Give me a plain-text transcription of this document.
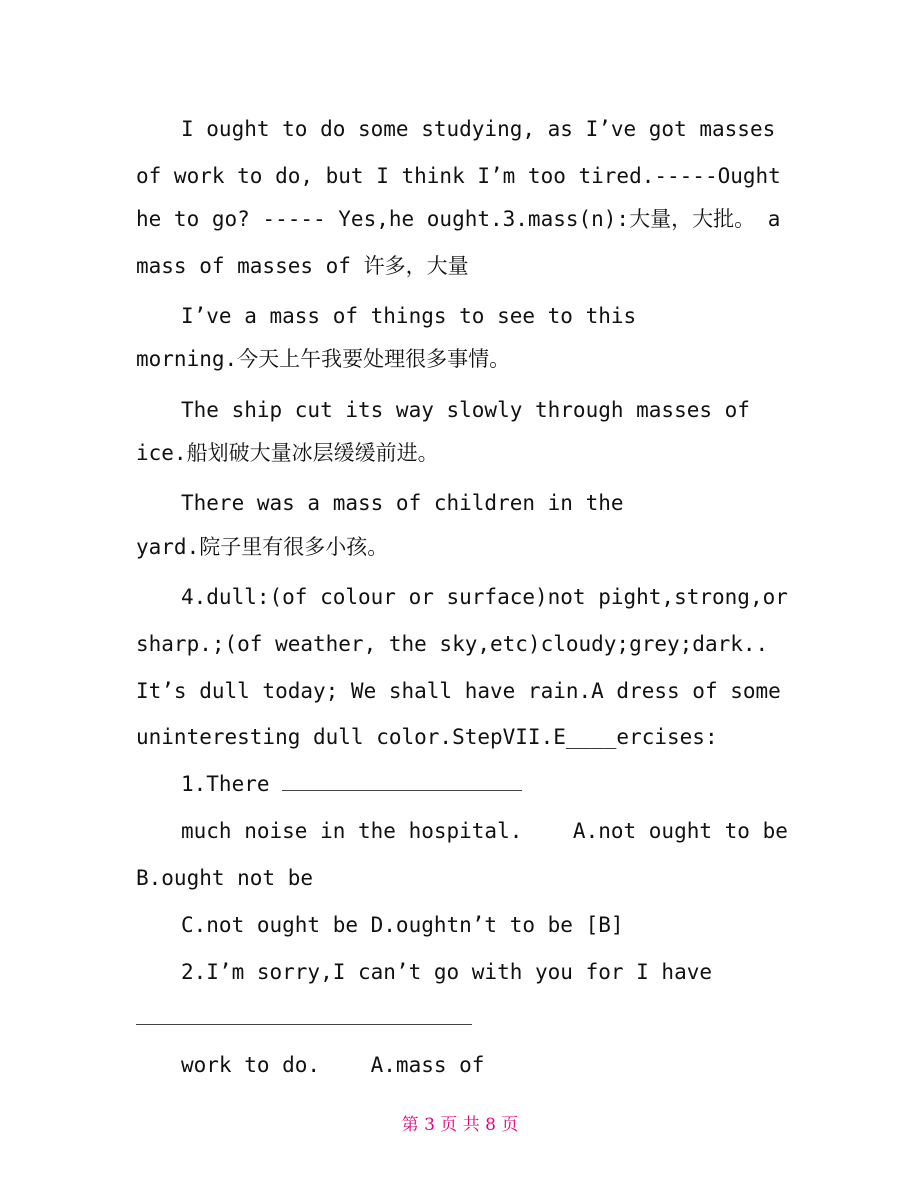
I ought to do some studying, as I’ve got masses
of work to do, but I think I’m too tired.-----Ought
he to go? ----- Yes,he ought.3.mass(n):大量，大批。 a
mass of masses of 许多，大量
I’ve a mass of things to see to this
morning.今天上午我要处理很多事情。
The ship cut its way slowly through masses of
ice.船划破大量冰层缓缓前进。
There was a mass of children in the
yard.院子里有很多小孩。
4.dull:(of colour or surface)not pight,strong,or
sharp.;(of weather, the sky,etc)cloudy;grey;dark..
It’s dull today; We shall have rain.A dress of some
uninteresting dull color.StepVII.E____ercises:
1.There
much noise in the hospital.    A.not ought to be
B.ought not be
C.not ought be D.oughtn’t to be [B]
2.I’m sorry,I can’t go with you for I have
work to do.    A.mass of
第 3 页 共 8 页
